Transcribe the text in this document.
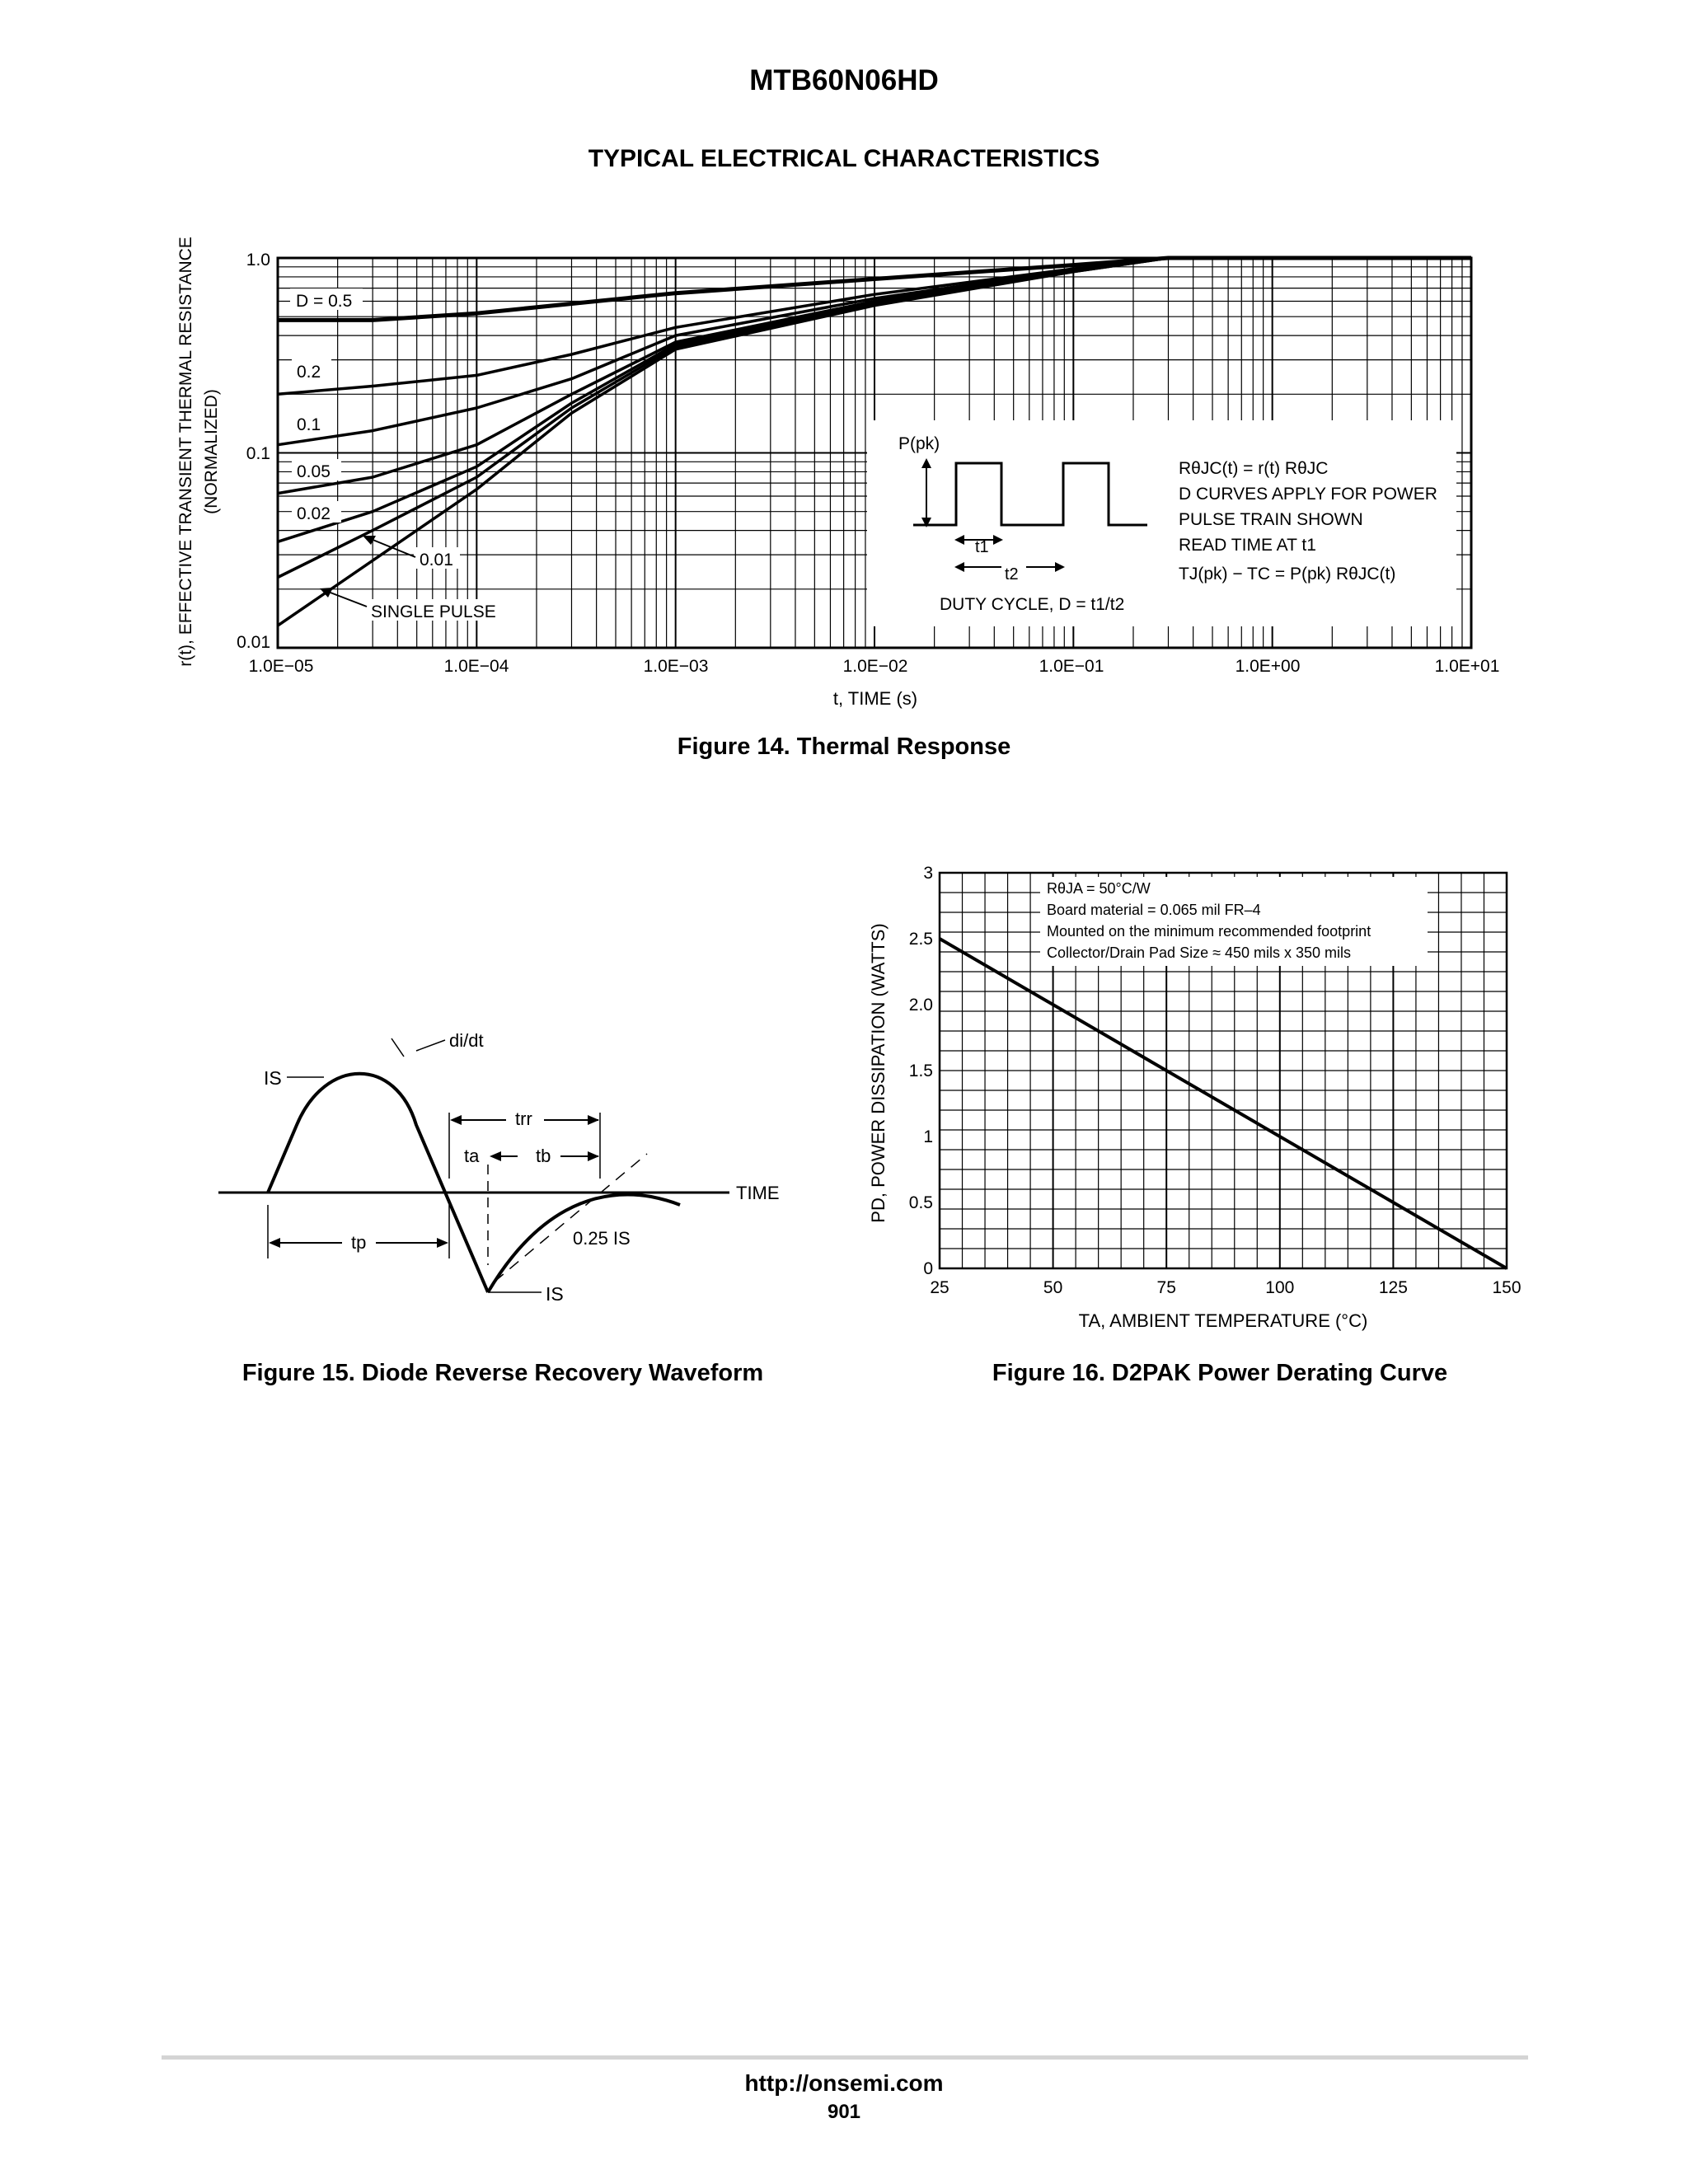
MTB60N06HD
TYPICAL ELECTRICAL CHARACTERISTICS
r(t), EFFECTIVE TRANSIENT THERMAL RESISTANCE (NORMALIZED)
1.0
0.1
0.01
1.0E−05	1.0E−04	1.0E−03	1.0E−02	1.0E−01	1.0E+00	1.0E+01
t, TIME (s)
D = 0.5
0.2
0.1
0.05
0.02
0.01
SINGLE PULSE
P(pk)
t1
t2
DUTY CYCLE, D = t1/t2
RθJC(t) = r(t) RθJC
D CURVES APPLY FOR POWER
PULSE TRAIN SHOWN
READ TIME AT t1
TJ(pk) − TC = P(pk) RθJC(t)
TIME
di/dt
IS
trr
ta	tb
tp	0.25 IS
IS
RθJA = 50°C/W
Board material = 0.065 mil FR–4
Mounted on the minimum recommended footprint
Collector/Drain Pad Size ≈ 450 mils x 350 mils
25	50	75	100	125	150
0
0.5
1
1.5
2.0
2.5
3
PD, POWER DISSIPATION (WATTS)
TA, AMBIENT TEMPERATURE (°C)
Figure 14. Thermal Response
Figure 15. Diode Reverse Recovery Waveform	Figure 16. D2PAK Power Derating Curve
http://onsemi.com
901
